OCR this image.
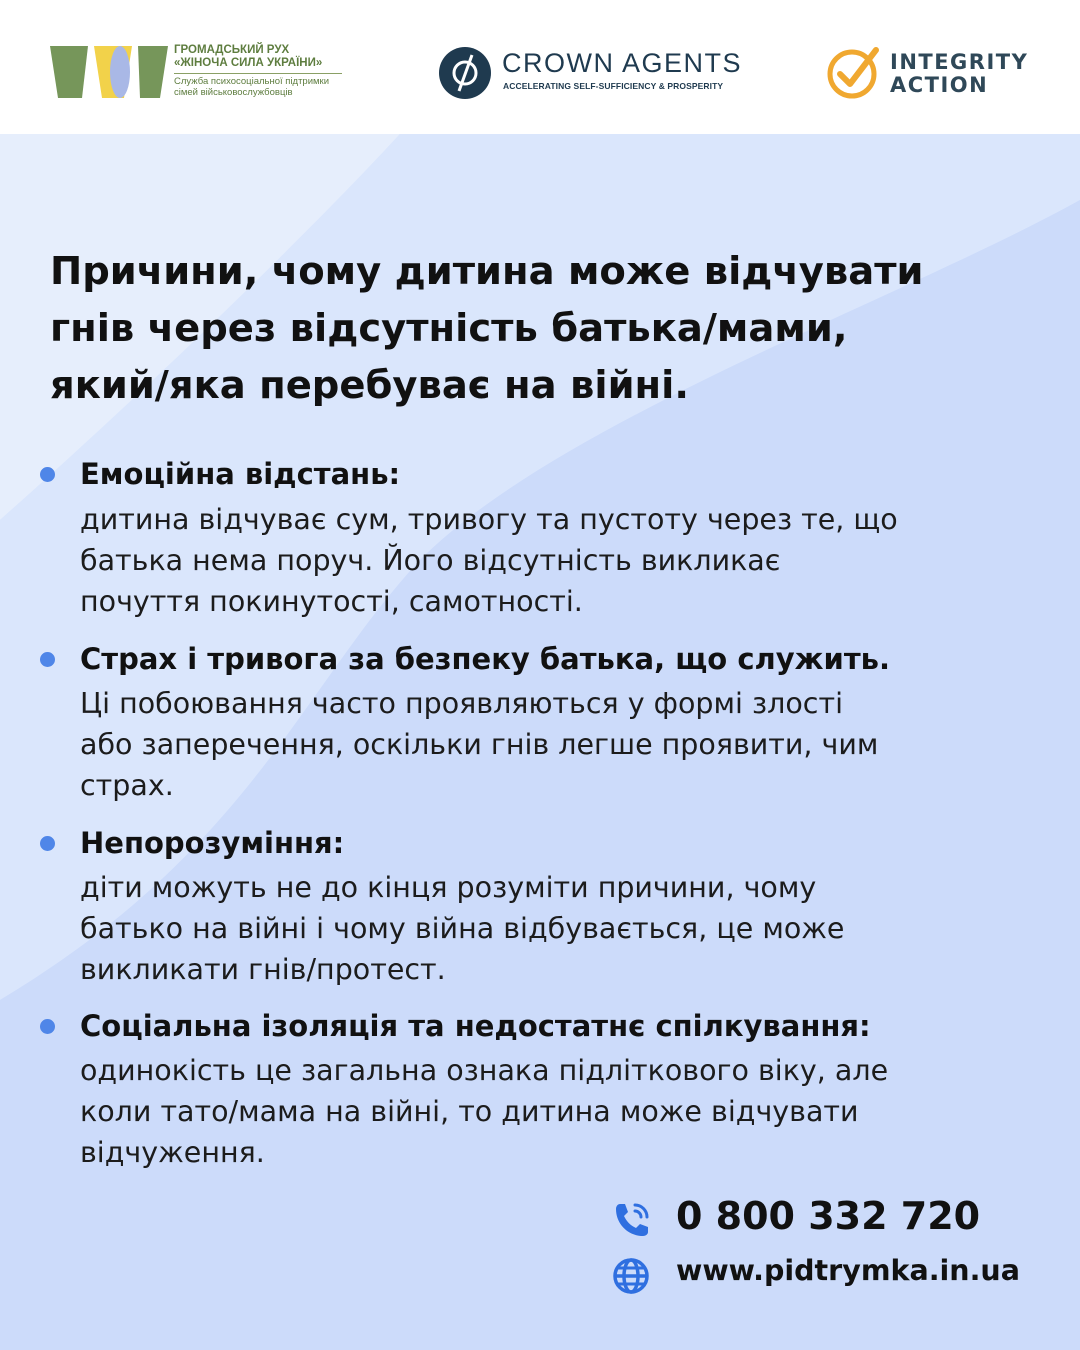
ГРОМАДСЬКИЙ РУХ
«ЖІНОЧА СИЛА УКРАЇНИ»
Служба психосоціальної підтримки
сімей військовослужбовців
CROWN AGENTS
ACCELERATING SELF-SUFFICIENCY & PROSPERITY
INTEGRITY
ACTION
Причини, чому дитина може відчувати
гнів через відсутність батька/мами,
який/яка перебуває на війні.
Емоційна відстань:
дитина відчуває сум, тривогу та пустоту через те, що
батька нема поруч. Його відсутність викликає
почуття покинутості, самотності.
Страх і тривога за безпеку батька, що служить.
Ці побоювання часто проявляються у формі злості
або заперечення, оскільки гнів легше проявити, чим
страх.
Непорозуміння:
діти можуть не до кінця розуміти причини, чому
батько на війні і чому війна відбувається, це може
викликати гнів/протест.
Соціальна ізоляція та недостатнє спілкування:
одинокість це загальна ознака підліткового віку, але
коли тато/мама на війні, то дитина може відчувати
відчуження.
0 800 332 720
www.pidtrymka.in.ua
